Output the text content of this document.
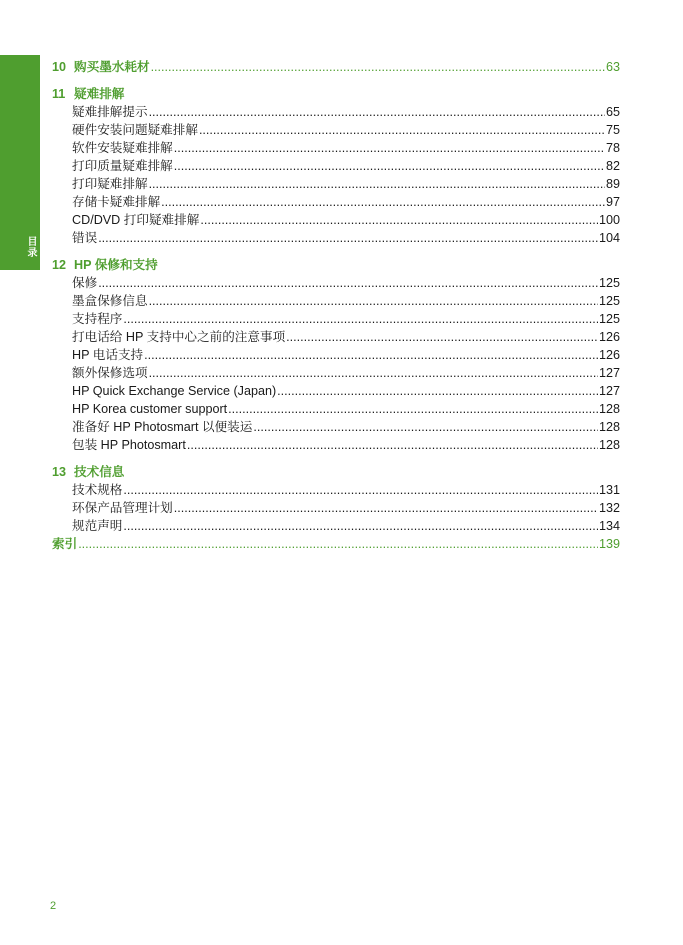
目录
10 购买墨水耗材 .....	63
11 疑难排解
疑难排解提示 .....	65
硬件安装问题疑难排解 .....	75
软件安装疑难排解 .....	78
打印质量疑难排解 .....	82
打印疑难排解 .....	89
存储卡疑难排解 .....	97
CD/DVD 打印疑难排解 .....	100
错误 .....	104
12 HP 保修和支持
保修 .....	125
墨盒保修信息 .....	125
支持程序 .....	125
打电话给 HP 支持中心之前的注意事项 .....	126
HP 电话支持 .....	126
额外保修选项 .....	127
HP Quick Exchange Service (Japan) .....	127
HP Korea customer support .....	128
准备好 HP Photosmart 以便装运 .....	128
包装 HP Photosmart .....	128
13 技术信息
技术规格 .....	131
环保产品管理计划 .....	132
规范声明 .....	134
索引 .....	139
2
